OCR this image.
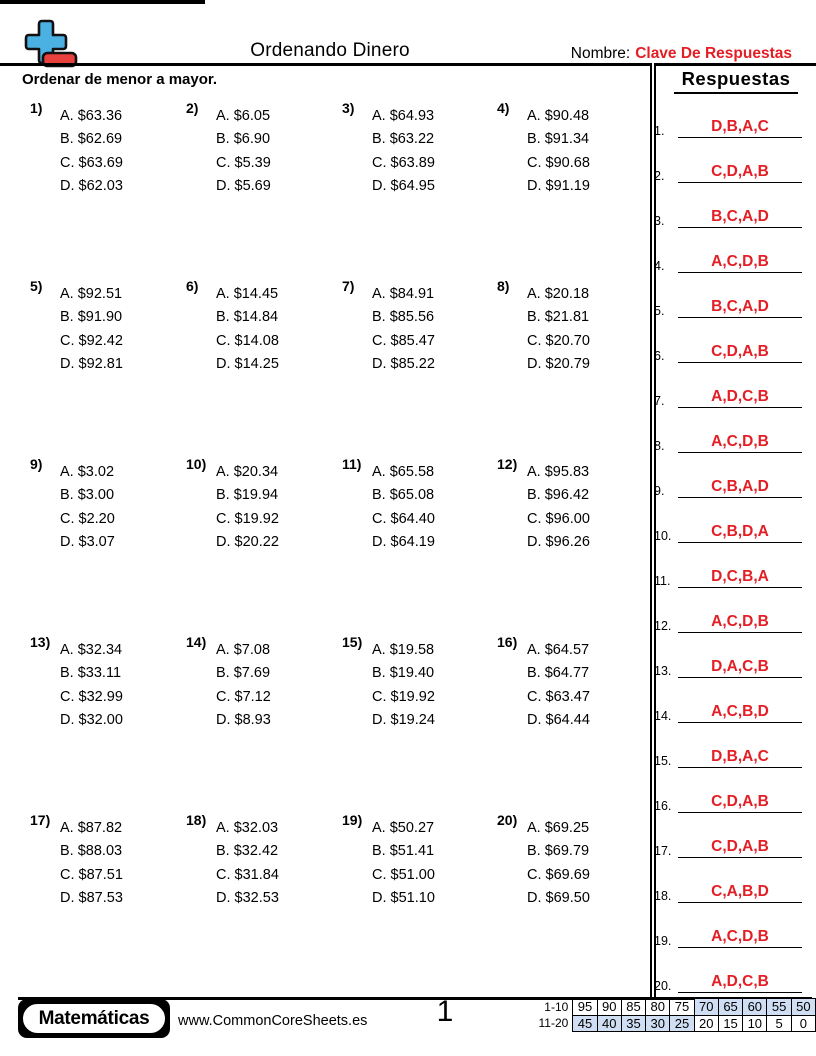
Ordenando Dinero	Nombre: Clave De Respuestas
Ordenar de menor a mayor.
1)	A. $63.36
B. $62.69
C. $63.69
D. $62.03
2)	A. $6.05
B. $6.90
C. $5.39
D. $5.69
3)	A. $64.93
B. $63.22
C. $63.89
D. $64.95
4)	A. $90.48
B. $91.34
C. $90.68
D. $91.19
5)	A. $92.51
B. $91.90
C. $92.42
D. $92.81
6)	A. $14.45
B. $14.84
C. $14.08
D. $14.25
7)	A. $84.91
B. $85.56
C. $85.47
D. $85.22
8)	A. $20.18
B. $21.81
C. $20.70
D. $20.79
9)	A. $3.02
B. $3.00
C. $2.20
D. $3.07
10) A. $20.34
B. $19.94
C. $19.92
D. $20.22
11) A. $65.58
B. $65.08
C. $64.40
D. $64.19
12) A. $95.83
B. $96.42
C. $96.00
D. $96.26
13) A. $32.34
B. $33.11
C. $32.99
D. $32.00
14) A. $7.08
B. $7.69
C. $7.12
D. $8.93
15) A. $19.58
B. $19.40
C. $19.92
D. $19.24
16) A. $64.57
B. $64.77
C. $63.47
D. $64.44
17) A. $87.82
B. $88.03
C. $87.51
D. $87.53
18) A. $32.03
B. $32.42
C. $31.84
D. $32.53
19) A. $50.27
B. $51.41
C. $51.00
D. $51.10
20) A. $69.25
B. $69.79
C. $69.69
D. $69.50
Respuestas
1.	D,B,A,C
2.	C,D,A,B
3.	B,C,A,D
4.	A,C,D,B
5.	B,C,A,D
6.	C,D,A,B
7.	A,D,C,B
8.	A,C,D,B
9.	C,B,A,D
10.	C,B,D,A
11.	D,C,B,A
12.	A,C,D,B
13.	D,A,C,B
14.	A,C,B,D
15.	D,B,A,C
16.	C,D,A,B
17.	C,D,A,B
18.	C,A,B,D
19.	A,C,D,B
20.	A,D,C,B
Matemáticas	www.CommonCoreSheets.es	1	1-10	95	90	85	80	75	70	65	60	55	50
11-20	45	40	35	30	25	20	15	10	5	0
